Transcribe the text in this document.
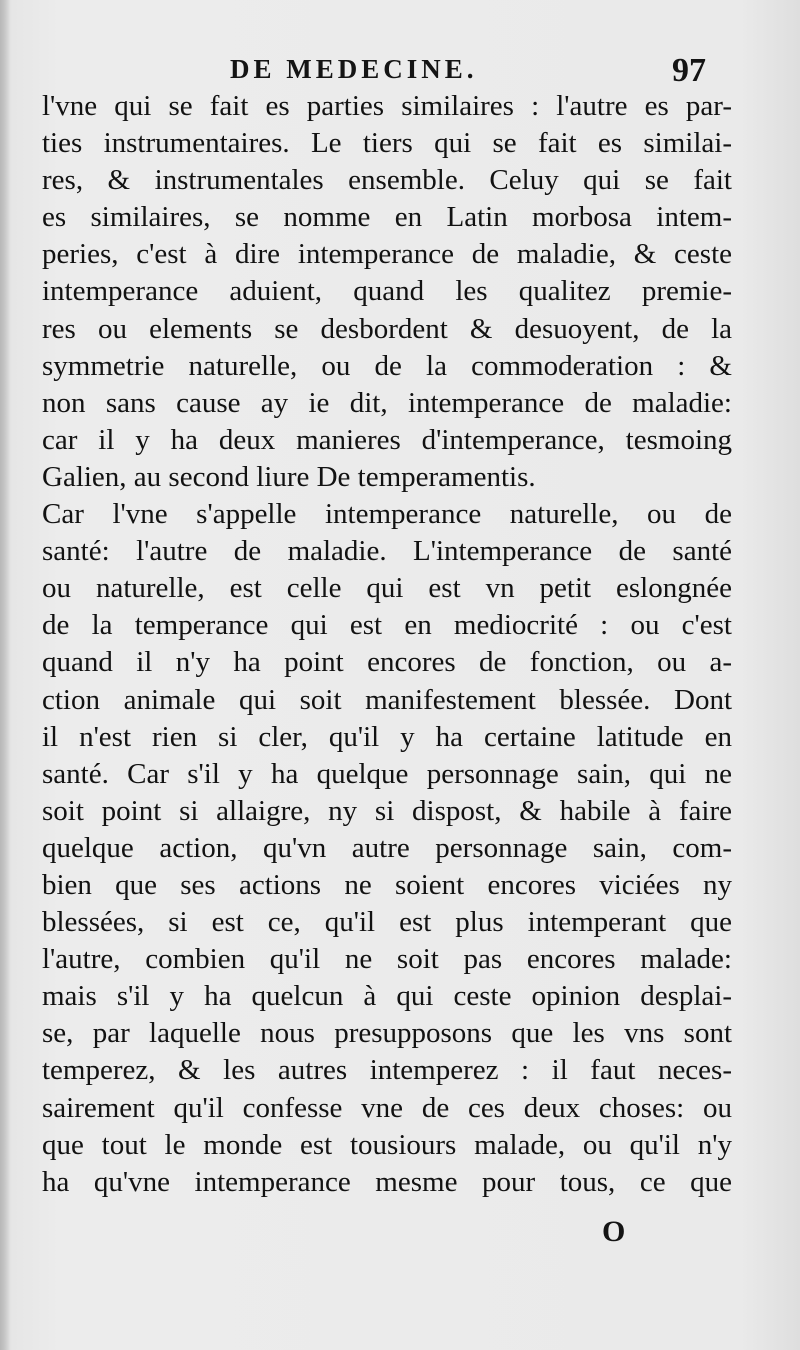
DE MEDECINE.	97
l'vne qui se fait es parties similaires : l'autre es par-
ties instrumentaires. Le tiers qui se fait es similai-
res, & instrumentales ensemble. Celuy qui se fait
es similaires, se nomme en Latin morbosa intem-
peries, c'est à dire intemperance de maladie, & ceste
intemperance aduient, quand les qualitez premie-
res ou elements se desbordent & desuoyent, de la
symmetrie naturelle, ou de la commoderation : &
non sans cause ay ie dit, intemperance de maladie:
car il y ha deux manieres d'intemperance, tesmoing
Galien, au second liure De temperamentis.
Car l'vne s'appelle intemperance naturelle, ou de
santé: l'autre de maladie. L'intemperance de santé
ou naturelle, est celle qui est vn petit eslongnée
de la temperance qui est en mediocrité : ou c'est
quand il n'y ha point encores de fonction, ou a-
ction animale qui soit manifestement blessée. Dont
il n'est rien si cler, qu'il y ha certaine latitude en
santé. Car s'il y ha quelque personnage sain, qui ne
soit point si allaigre, ny si dispost, & habile à faire
quelque action, qu'vn autre personnage sain, com-
bien que ses actions ne soient encores viciées ny
blessées, si est ce, qu'il est plus intemperant que
l'autre, combien qu'il ne soit pas encores malade:
mais s'il y ha quelcun à qui ceste opinion desplai-
se, par laquelle nous presupposons que les vns sont
temperez, & les autres intemperez : il faut neces-
sairement qu'il confesse vne de ces deux choses: ou
que tout le monde est tousiours malade, ou qu'il n'y
ha qu'vne intemperance mesme pour tous, ce que
O
